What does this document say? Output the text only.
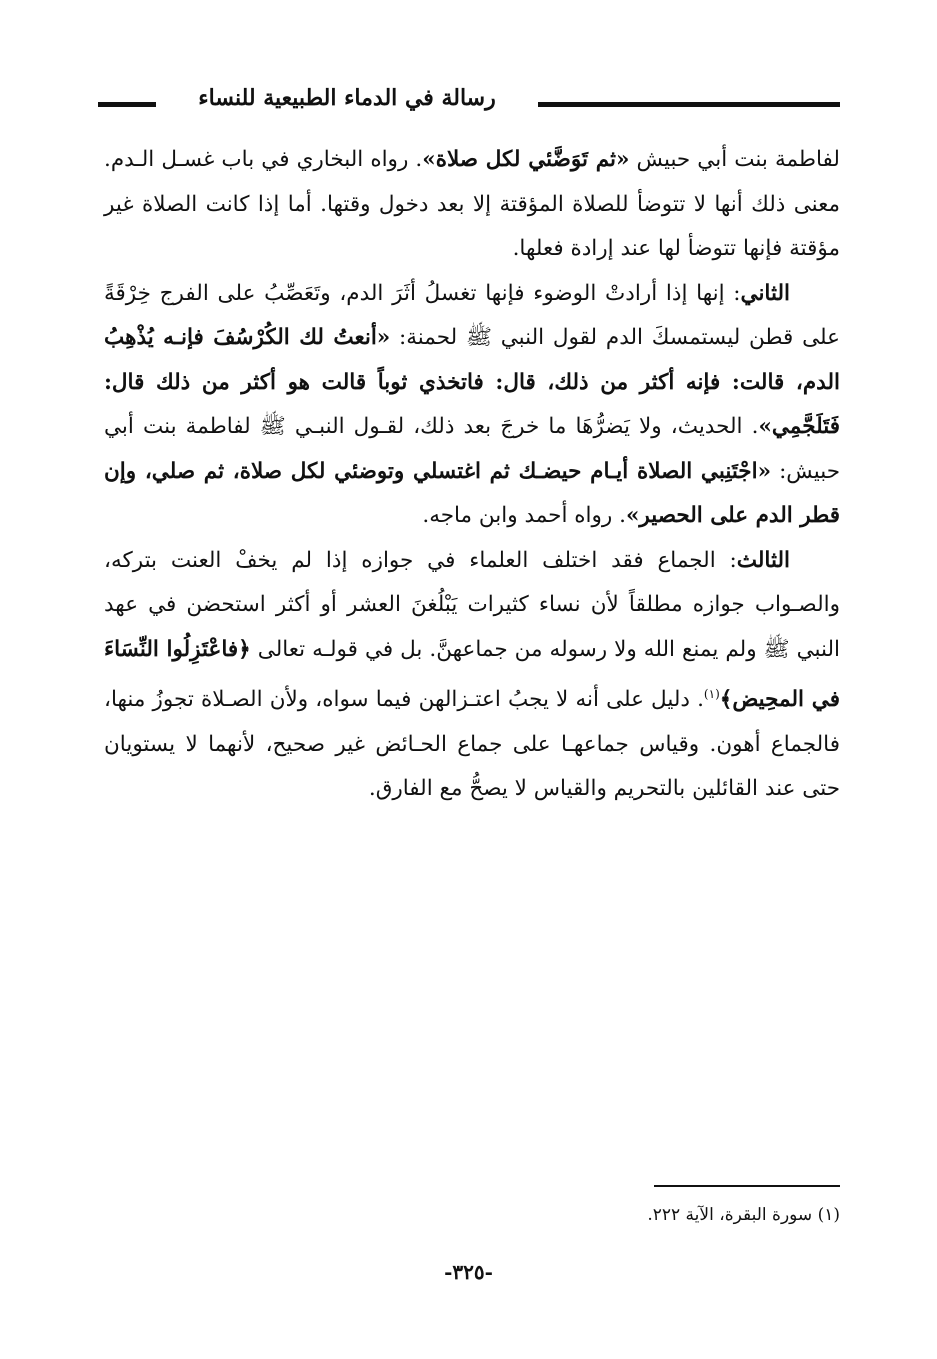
رسالة في الدماء الطبيعية للنساء

لفاطمة بنت أبي حبيش «ثم تَوَضَّئي لكل صلاة». رواه البخاري في باب غسـل الـدم. معنى ذلك أنها لا تتوضأ للصلاة المؤقتة إلا بعد دخول وقتها. أما إذا كانت الصلاة غير مؤقتة فإنها تتوضأ لها عند إرادة فعلها.

الثاني: إنها إذا أرادتْ الوضوء فإنها تغسلُ أثَرَ الدم، وتَعَصِّبُ على الفرج خِرْقَةً على قطن ليستمسكَ الدم لقول النبي ﷺ لحمنة: «أنعتُ لك الكُرْسُفَ فإنـه يُذْهِبُ الدم، قالت: فإنه أكثر من ذلك، قال: فاتخذي ثوباً قالت هو أكثر من ذلك قال: فَتَلَجَّمِي». الحديث، ولا يَضرُّهَا ما خرجَ بعد ذلك، لقـول النبـي ﷺ لفاطمة بنت أبي حبيش: «اجْتَنِبي الصلاة أيـام حيضـك ثم اغتسلي وتوضئي لكل صلاة، ثم صلي، وإن قطر الدم على الحصير». رواه أحمد وابن ماجه.

الثالث: الجماع فقد اختلف العلماء في جوازه إذا لم يخفْ العنت بتركه، والصـواب جوازه مطلقاً لأن نساء كثيرات يَبْلُغنَ العشر أو أكثر استحضن في عهد النبي ﷺ ولم يمنع الله ولا رسوله من جماعهنَّ. بل في قولـه تعالى ﴿فاعْتَزِلُوا النِّسَاءَ في المحِيض﴾$^{(١)}$. دليل على أنه لا يجبُ اعتـزالهن فيما سواه، ولأن الصـلاة تجوزُ منها، فالجماع أهون. وقياس جماعهـا على جماع الحـائض غير صحيح، لأنهما لا يستويان حتى عند القائلين بالتحريم والقياس لا يصحُّ مع الفارق.

(١) سورة البقرة، الآية ٢٢٢.
-٣٢٥-
